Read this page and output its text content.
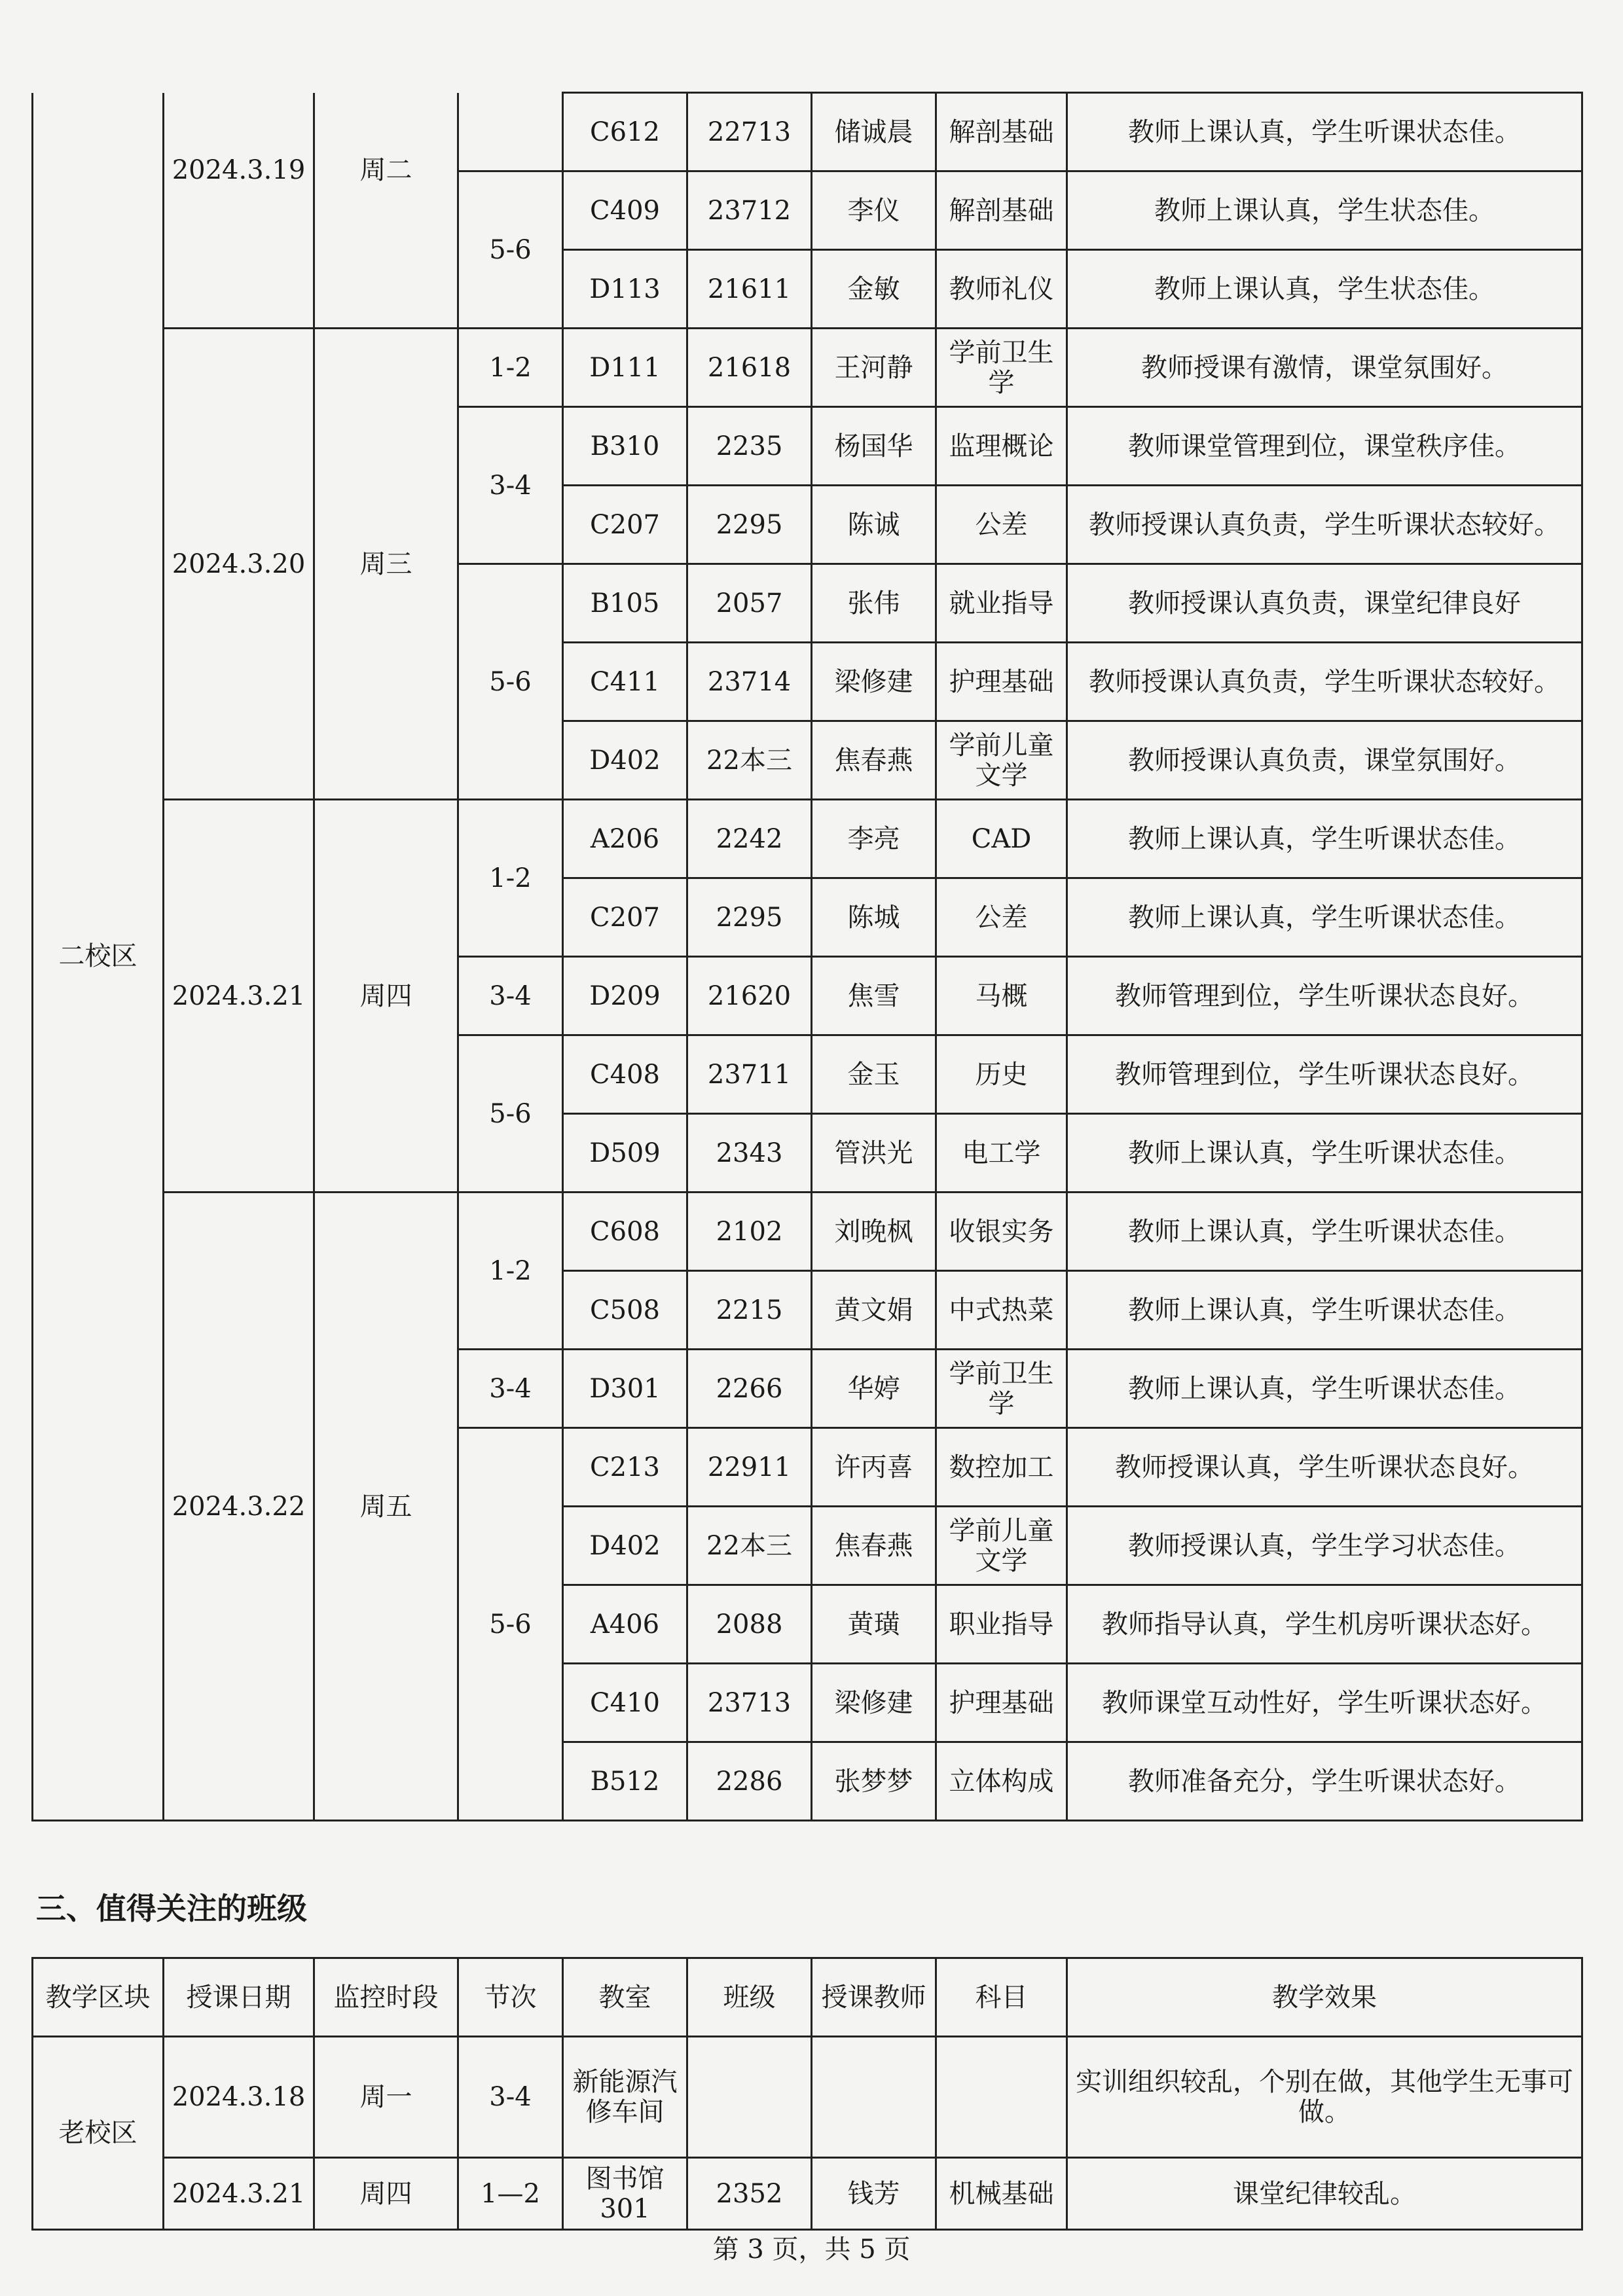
二校区	2024.3.19	周二		C612	22713	储诚晨	解剖基础	教师上课认真，学生听课状态佳。
			5-6	C409	23712	李仪	解剖基础	教师上课认真，学生状态佳。
				D113	21611	金敏	教师礼仪	教师上课认真，学生状态佳。
	2024.3.20	周三	1-2	D111	21618	王河静	学前卫生学	教师授课有激情，课堂氛围好。
			3-4	B310	2235	杨国华	监理概论	教师课堂管理到位，课堂秩序佳。
				C207	2295	陈诚	公差	教师授课认真负责，学生听课状态较好。
			5-6	B105	2057	张伟	就业指导	教师授课认真负责，课堂纪律良好
				C411	23714	梁修建	护理基础	教师授课认真负责，学生听课状态较好。
				D402	22本三	焦春燕	学前儿童文学	教师授课认真负责，课堂氛围好。
	2024.3.21	周四	1-2	A206	2242	李亮	CAD	教师上课认真，学生听课状态佳。
				C207	2295	陈城	公差	教师上课认真，学生听课状态佳。
			3-4	D209	21620	焦雪	马概	教师管理到位，学生听课状态良好。
			5-6	C408	23711	金玉	历史	教师管理到位，学生听课状态良好。
				D509	2343	管洪光	电工学	教师上课认真，学生听课状态佳。
	2024.3.22	周五	1-2	C608	2102	刘晚枫	收银实务	教师上课认真，学生听课状态佳。
				C508	2215	黄文娟	中式热菜	教师上课认真，学生听课状态佳。
			3-4	D301	2266	华婷	学前卫生学	教师上课认真，学生听课状态佳。
			5-6	C213	22911	许丙喜	数控加工	教师授课认真，学生听课状态良好。
				D402	22本三	焦春燕	学前儿童文学	教师授课认真，学生学习状态佳。
				A406	2088	黄璜	职业指导	教师指导认真，学生机房听课状态好。
				C410	23713	梁修建	护理基础	教师课堂互动性好，学生听课状态好。
				B512	2286	张梦梦	立体构成	教师准备充分，学生听课状态好。
三、值得关注的班级
教学区块	授课日期	监控时段	节次	教室	班级	授课教师	科目	教学效果
老校区	2024.3.18	周一	3-4	新能源汽修车间				实训组织较乱，个别在做，其他学生无事可做。
	2024.3.21	周四	1—2	图书馆301	2352	钱芳	机械基础	课堂纪律较乱。
第 3 页，共 5 页
